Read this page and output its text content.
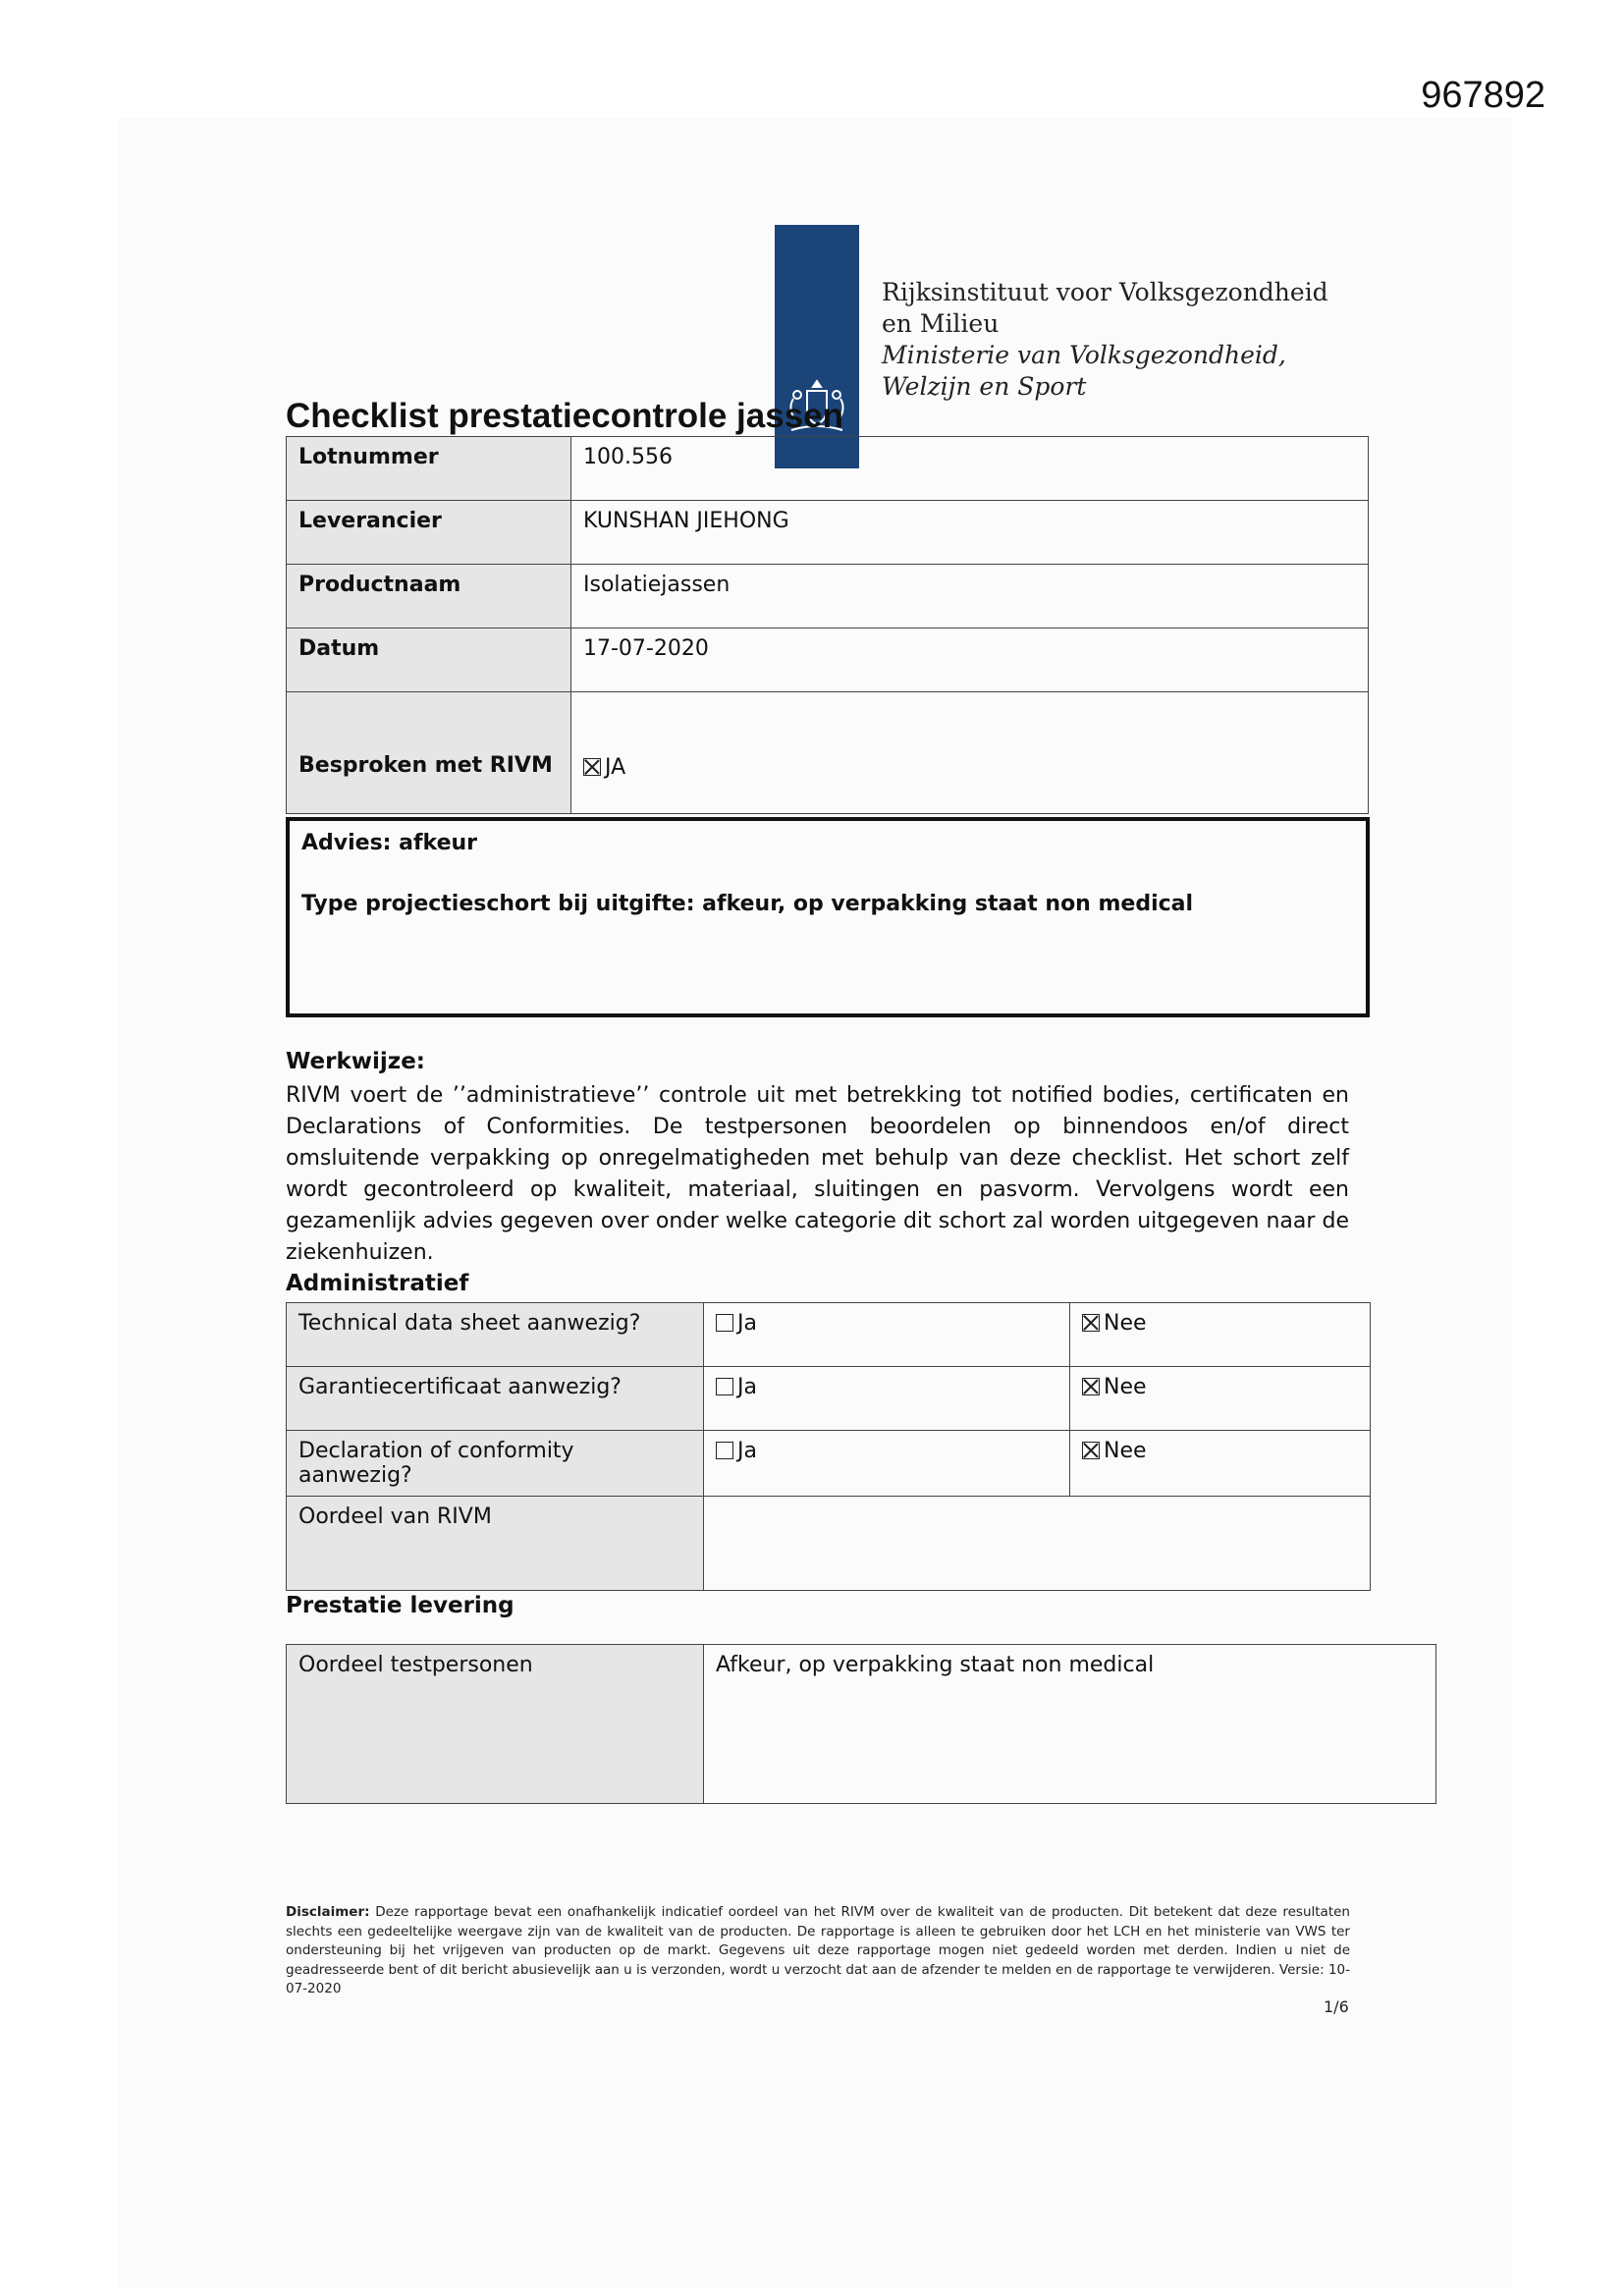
967892
Rijksinstituut voor Volksgezondheid
en Milieu
Ministerie van Volksgezondheid,
Welzijn en Sport
Checklist prestatiecontrole jassen
Lotnummer	100.556
Leverancier	KUNSHAN JIEHONG
Productnaam	Isolatiejassen
Datum	17-07-2020
Besproken met RIVM	JA
Advies: afkeur
Type projectieschort bij uitgifte: afkeur, op verpakking staat non medical
Werkwijze:
RIVM voert de ’’administratieve’’ controle uit met betrekking tot notified bodies, certificaten en Declarations of Conformities. De testpersonen beoordelen op binnendoos en/of direct omsluitende verpakking op onregelmatigheden met behulp van deze checklist. Het schort zelf wordt gecontroleerd op kwaliteit, materiaal, sluitingen en pasvorm. Vervolgens wordt een gezamenlijk advies gegeven over onder welke categorie dit schort zal worden uitgegeven naar de ziekenhuizen.
Administratief
Technical data sheet aanwezig?	Ja	Nee
Garantiecertificaat aanwezig?	Ja	Nee
Declaration of conformity aanwezig?	Ja	Nee
Oordeel van RIVM		
Prestatie levering
Oordeel testpersonen	Afkeur, op verpakking staat non medical
Disclaimer: Deze rapportage bevat een onafhankelijk indicatief oordeel van het RIVM over de kwaliteit van de producten. Dit betekent dat deze resultaten slechts een gedeeltelijke weergave zijn van de kwaliteit van de producten. De rapportage is alleen te gebruiken door het LCH en het ministerie van VWS ter ondersteuning bij het vrijgeven van producten op de markt. Gegevens uit deze rapportage mogen niet gedeeld worden met derden. Indien u niet de geadresseerde bent of dit bericht abusievelijk aan u is verzonden, wordt u verzocht dat aan de afzender te melden en de rapportage te verwijderen. Versie: 10-07-2020
1/6
